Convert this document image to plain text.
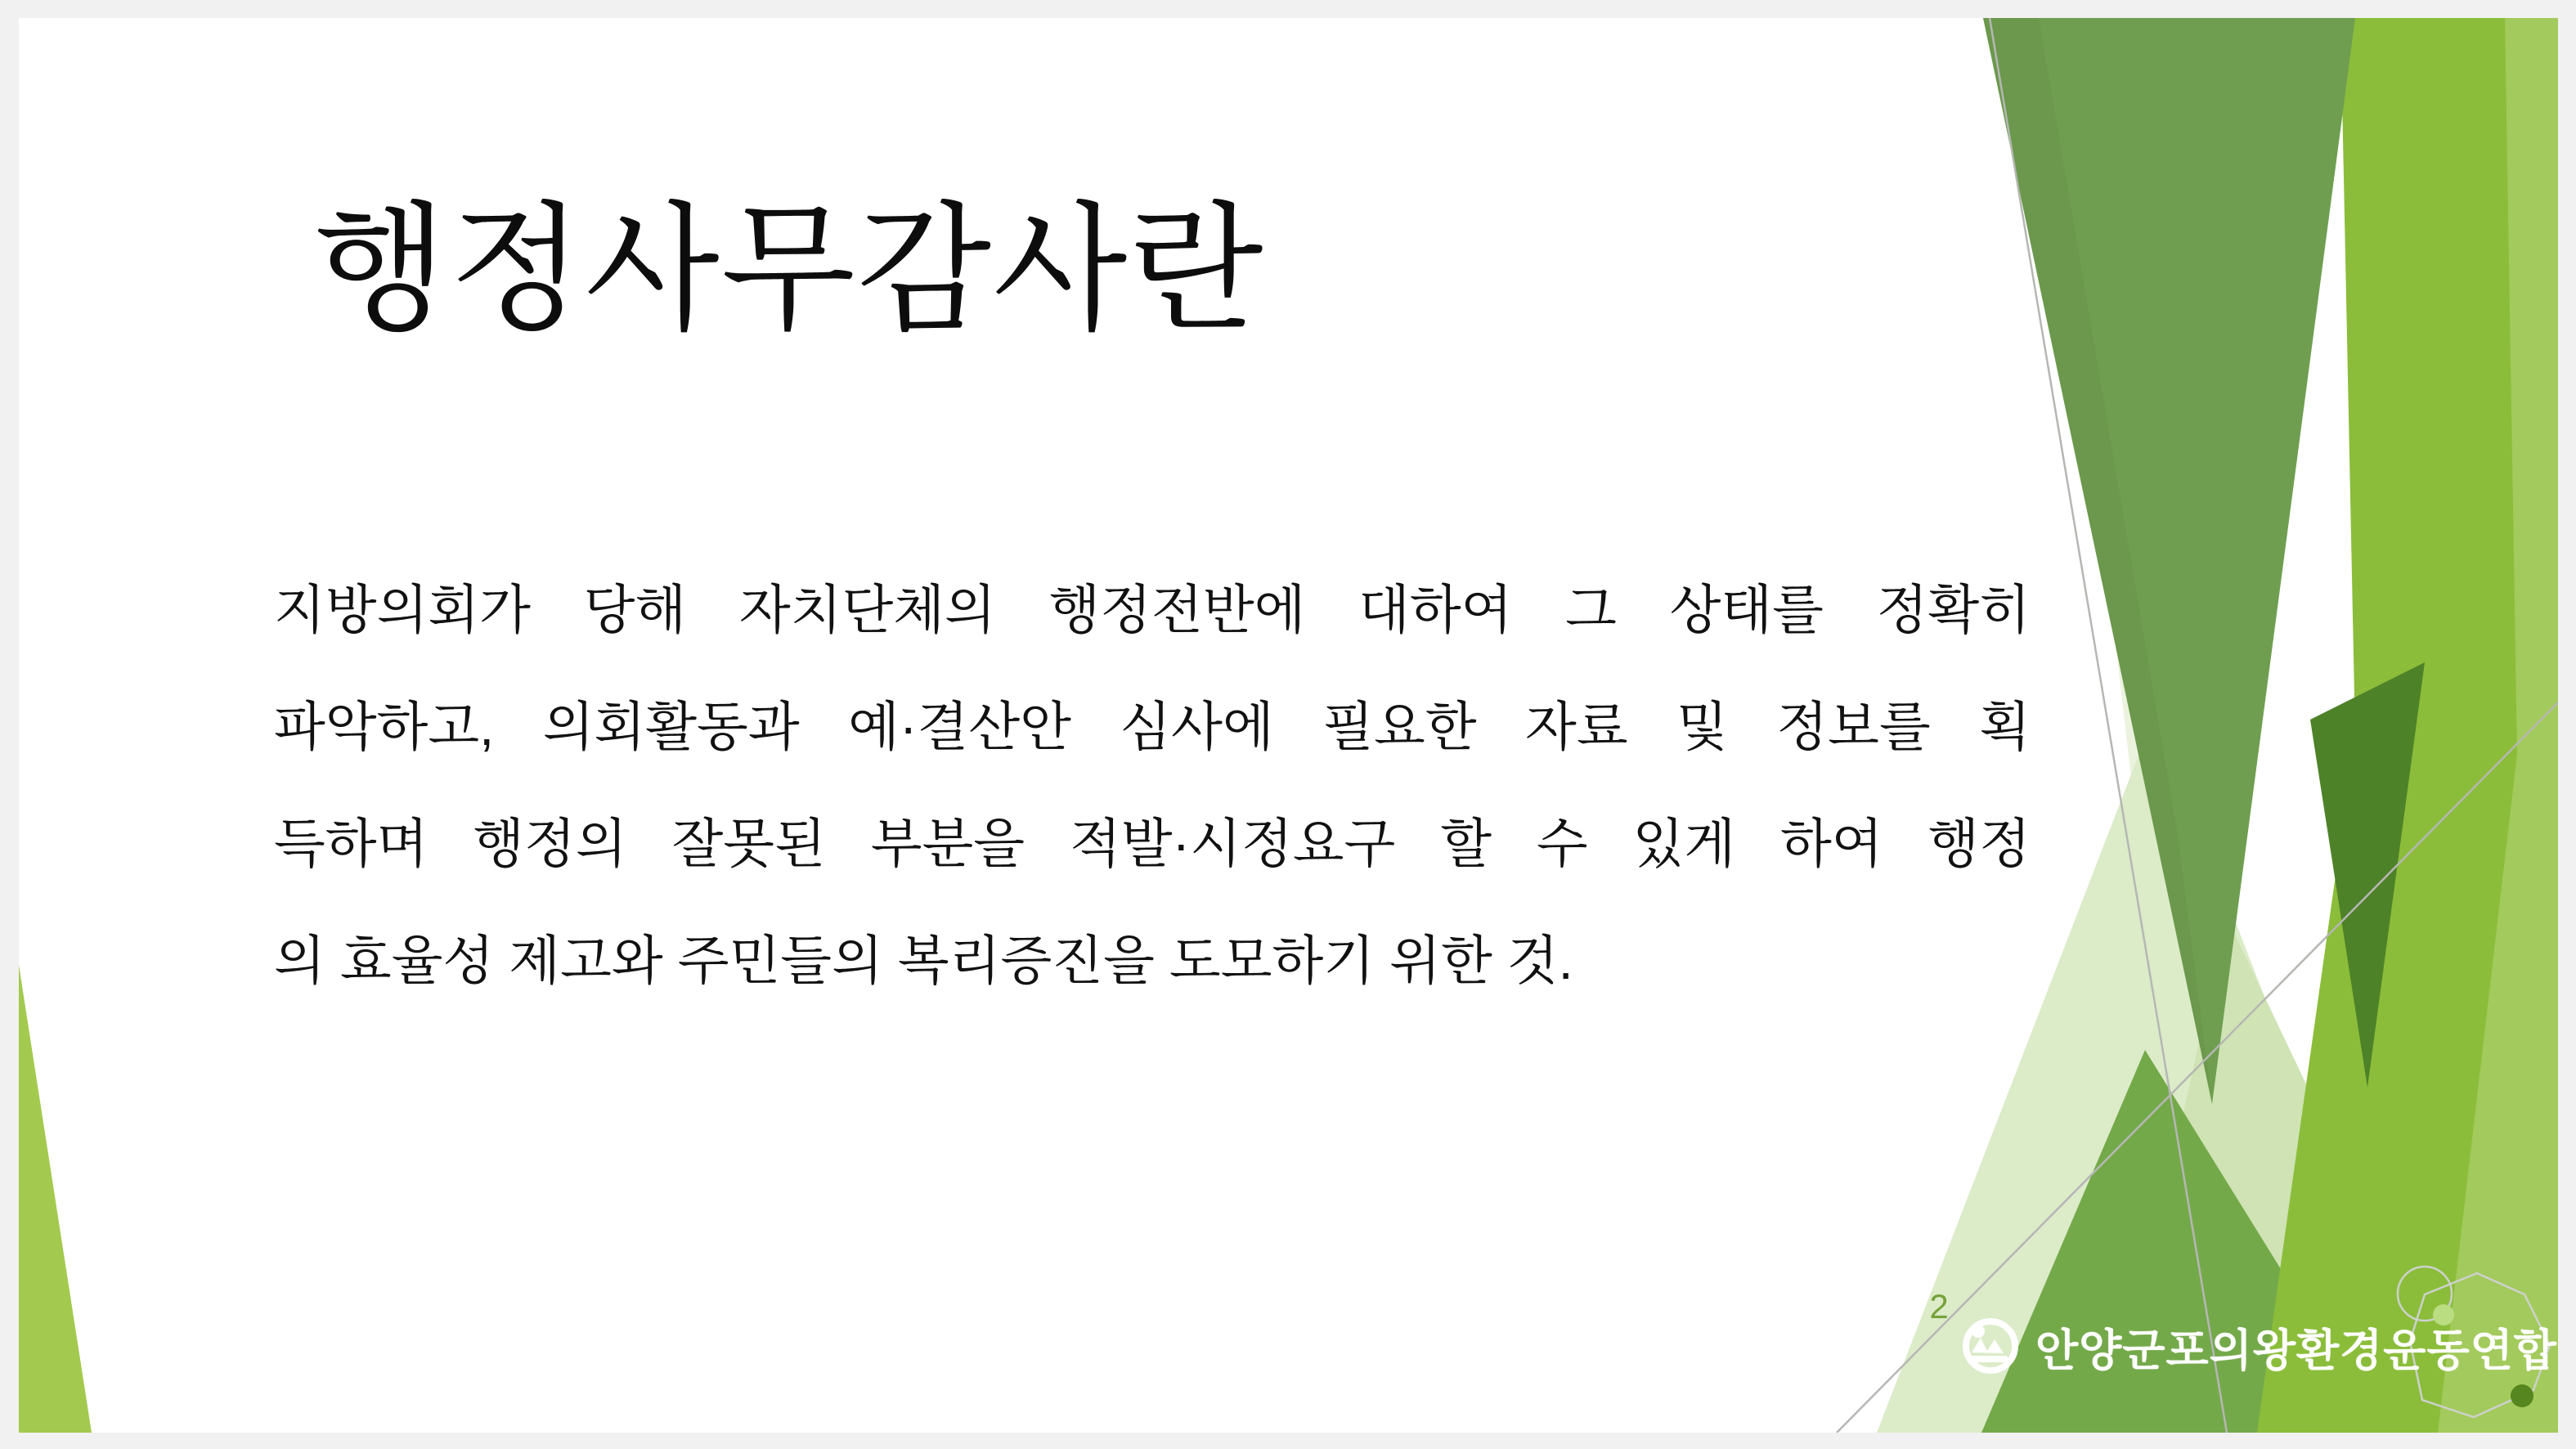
행정사무감사란
지방의회가 당해 자치단체의 행정전반에 대하여 그 상태를 정확히
파악하고, 의회활동과 예·결산안 심사에 필요한 자료 및 정보를 획
득하며 행정의 잘못된 부분을 적발·시정요구 할 수 있게 하여 행정
의 효율성 제고와 주민들의 복리증진을 도모하기 위한 것.
2
안양군포의왕환경운동연합
